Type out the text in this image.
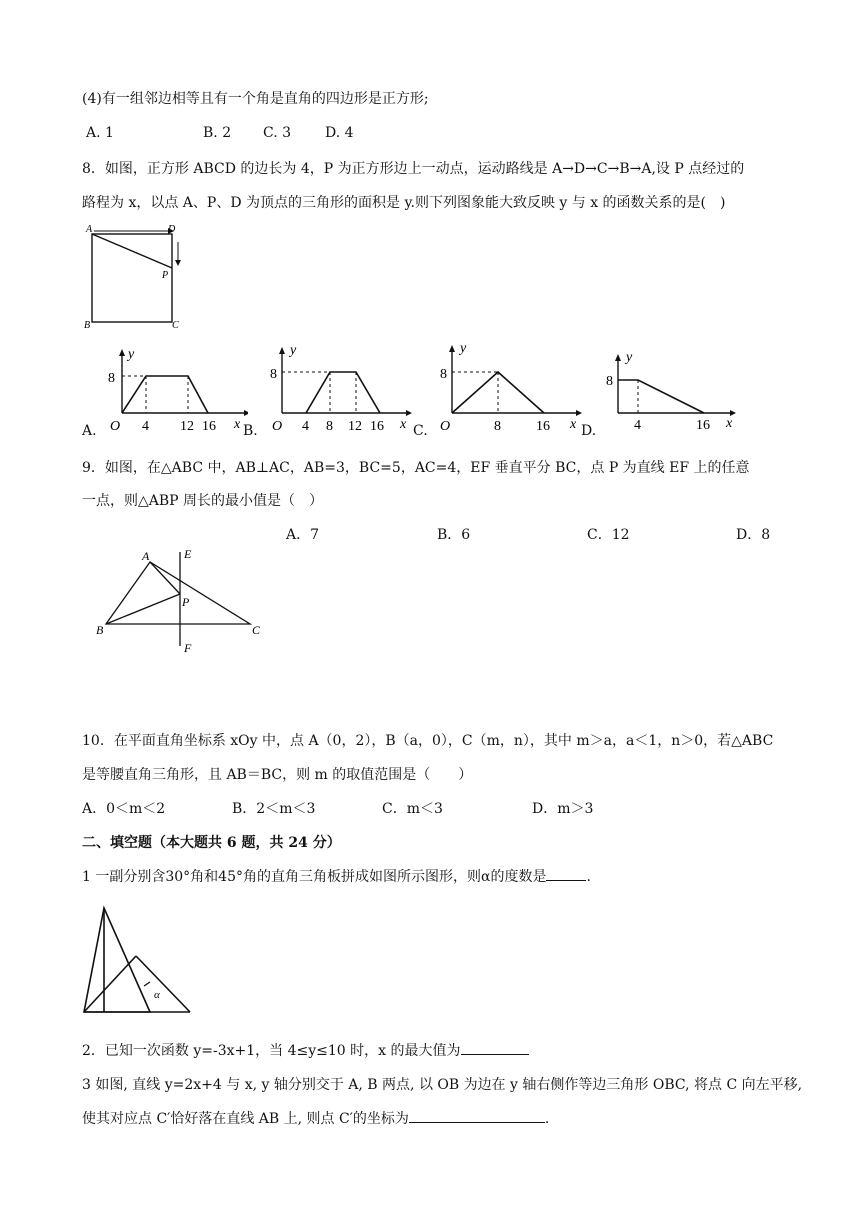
(4)有一组邻边相等且有一个角是直角的四边形是正方形;
A. 1	B. 2 C. 3 D. 4
8．如图，正方形 ABCD 的边长为 4，P 为正方形边上一动点，运动路线是 A→D→C→B→A,设 P 点经过的
路程为 x，以点 A、P、D 为顶点的三角形的面积是 y.则下列图象能大致反映 y 与 x 的函数关系的是(　)
A	D
P
B	C
A.
y
8
O 4 12 16 x B.
y
8
O 4 8 12 16 x C.
y
8
O	8	16 x D.
y
8
4	16 x
9．如图，在△ABC 中，AB⊥AC，AB=3，BC=5，AC=4，EF 垂直平分 BC，点 P 为直线 EF 上的任意
一点，则△ABP 周长的最小值是（　）
A．7	B．6	C．12	D．8
A	E
P
B	C
F
10．在平面直角坐标系 xOy 中，点 A（0，2），B（a，0），C（m，n），其中 m＞a，a＜1，n＞0，若△ABC
是等腰直角三角形，且 AB＝BC，则 m 的取值范围是（　　）
A．0＜m＜2	B．2＜m＜3	C．m＜3	D．m＞3
二、填空题（本大题共 6 题，共 24 分）
1 一副分别含30°角和45°角的直角三角板拼成如图所示图形，则α的度数是	.
α
2．已知一次函数 y=-3x+1，当 4≤y≤10 时，x 的最大值为
3 如图, 直线 y=2x+4 与 x, y 轴分别交于 A, B 两点, 以 OB 为边在 y 轴右侧作等边三角形 OBC, 将点 C 向左平移,
使其对应点 C′恰好落在直线 AB 上, 则点 C′的坐标为	.
